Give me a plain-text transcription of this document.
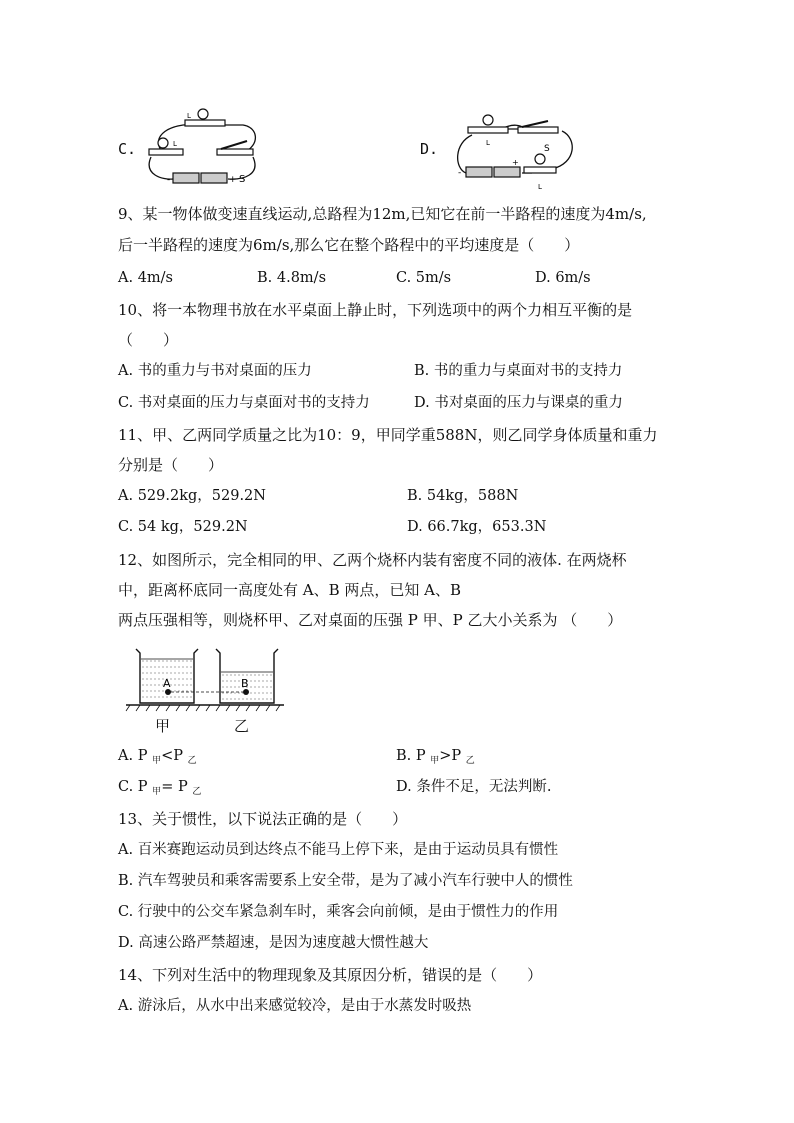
C.
L
L
-	+ S
D.	L
S
-
+
L
9、某一物体做变速直线运动,总路程为12m,已知它在前一半路程的速度为4m/s,
后一半路程的速度为6m/s,那么它在整个路程中的平均速度是（　　）
A. 4m/s	B. 4.8m/s	C. 5m/s	D. 6m/s
10、将一本物理书放在水平桌面上静止时，下列选项中的两个力相互平衡的是
（　　）
A. 书的重力与书对桌面的压力	B. 书的重力与桌面对书的支持力
C. 书对桌面的压力与桌面对书的支持力	D. 书对桌面的压力与课桌的重力
11、甲、乙两同学质量之比为10：9，甲同学重588N，则乙同学身体质量和重力
分别是（　　）
A. 529.2kg，529.2N	B. 54kg，588N
C. 54 kg，529.2N	D. 66.7kg，653.3N
12、如图所示，完全相同的甲、乙两个烧杯内装有密度不同的液体. 在两烧杯
中，距离杯底同一高度处有 A、B 两点，已知 A、B
两点压强相等，则烧杯甲、乙对桌面的压强 P 甲、P 乙大小关系为 （　　）
A	B
甲	乙
A. P $_甲$<P $_乙$	B. P $_甲$>P $_乙$
C. P $_甲$= P $_乙$	D. 条件不足，无法判断.
13、关于惯性，以下说法正确的是（　　）
A. 百米赛跑运动员到达终点不能马上停下来，是由于运动员具有惯性
B. 汽车驾驶员和乘客需要系上安全带，是为了减小汽车行驶中人的惯性
C. 行驶中的公交车紧急刹车时，乘客会向前倾，是由于惯性力的作用
D. 高速公路严禁超速，是因为速度越大惯性越大
14、下列对生活中的物理现象及其原因分析，错误的是（　　）
A. 游泳后，从水中出来感觉较冷，是由于水蒸发时吸热
